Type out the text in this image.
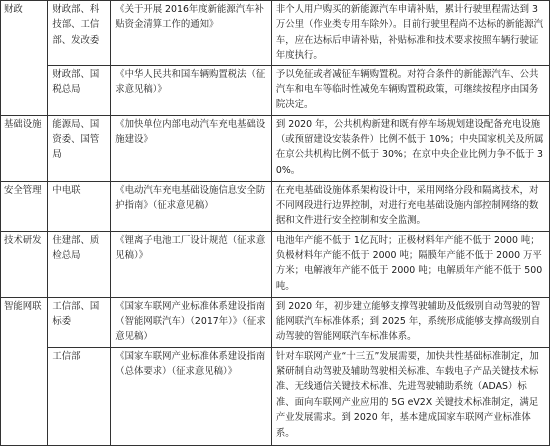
财政	财政部、科技部、工信部、发改委	《关于开展 2016年度新能源汽车补贴资金清算工作的通知》	非个人用户购买的新能源汽车申请补贴，累计行驶里程需达到 3万公里（作业类专用车除外）。目前行驶里程尚不达标的新能源汽车，应在达标后申请补贴，补贴标准和技术要求按照车辆行驶证年度执行。
	财政部、国税总局	《中华人民共和国车辆购置税法（征求意见稿）》	予以免征或者减征车辆购置税。对符合条件的新能源汽车、公共汽车和电车等临时性减免车辆购置税政策，可继续按程序由国务院决定。
基础设施	能源局、国资委、国管局	《加快单位内部电动汽车充电基础设施建设》	到 2020 年，公共机构新建和既有停车场规划建设配备充电设施（或预留建设安装条件）比例不低于 10%；中央国家机关及所属在京公共机构比例不低于 30%；在京中央企业比例力争不低于 30%。
安全管理	中电联	《电动汽车充电基础设施信息安全防护指南》（征求意见稿）	在充电基础设施体系架构设计中，采用网络分段和隔离技术，对不同网段进行边界控制，对进行充电基础设施内部控制网络的数据和文件进行安全控制和安全监测。
技术研发	住建部、质检总局	《锂离子电池工厂设计规范（征求意见稿）》	电池年产能不低于 1亿瓦时；正极材料年产能不低于 2000 吨；负极材料年产能不低于 2000 吨；隔膜年产能不低于 2000 万平方米；电解液年产能不低于 2000 吨；电解质年产能不低于 500 吨。
智能网联	工信部、国标委	《国家车联网产业标准体系建设指南（智能网联汽车）（2017年）》（征求意见稿）	到 2020 年，初步建立能够支撑驾驶辅助及低级别自动驾驶的智能网联汽车标准体系；到 2025 年，系统形成能够支撑高级别自动驾驶的智能网联汽车标准体系。
	工信部	《国家车联网产业标准体系建设指南（总体要求）（征求意见稿）》	针对车联网产业“十三五”发展需要，加快共性基础标准制定，加紧研制自动驾驶及辅助驾驶相关标准、车载电子产品关键技术标准、无线通信关键技术标准、先进驾驶辅助系统（ADAS）标准、面向车联网产业应用的 5G eV2X 关键技术标准制定，满足产业发展需求。到 2020 年，基本建成国家车联网产业标准体系。
